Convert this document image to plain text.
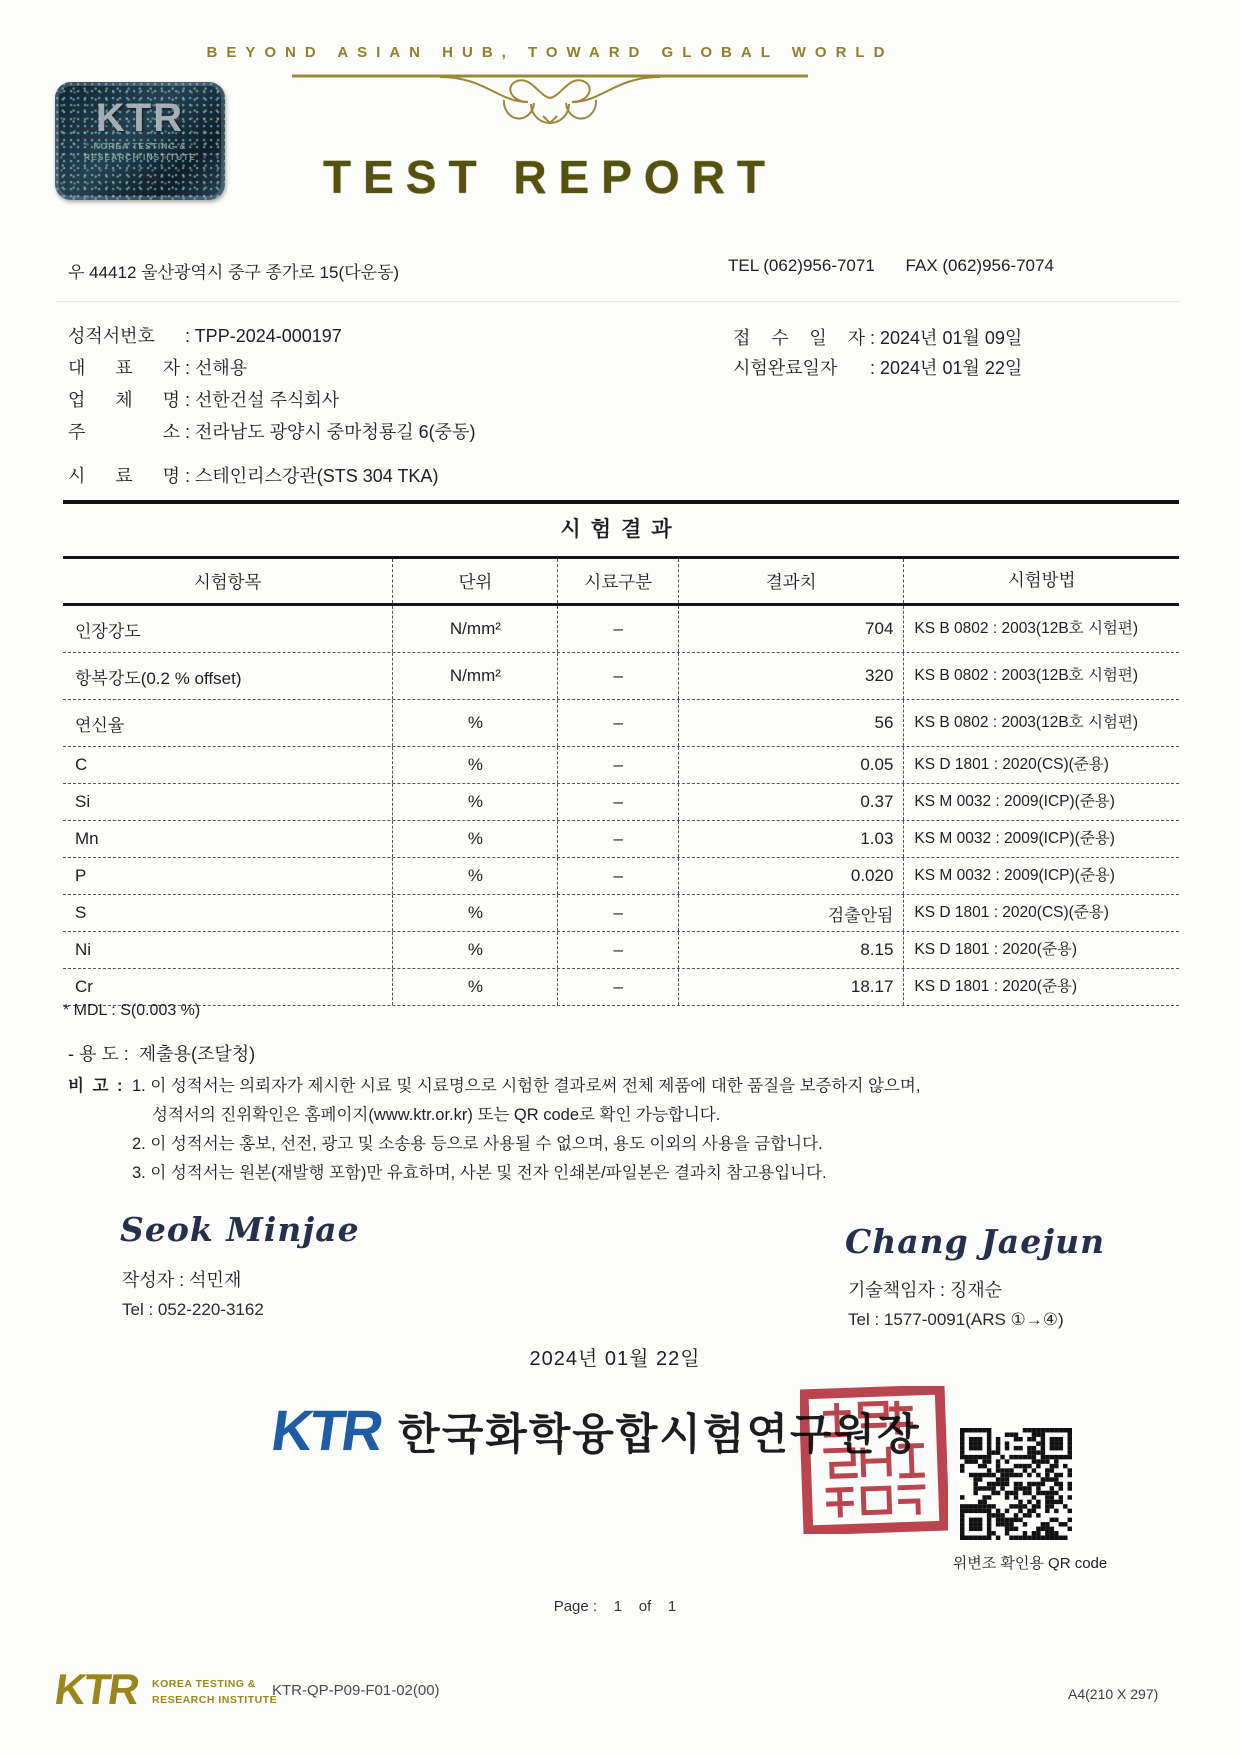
BEYOND ASIAN HUB, TOWARD GLOBAL WORLD
KTR
KOREA TESTING &
RESEARCH INSTITUTE	TEST REPORT
우 44412 울산광역시 중구 종가로 15(다운동)	TEL (062)956-7071 FAX (062)956-7074
성적서번호 : TPP-2024-000197
대 표 자 : 선해용
업 체 명 : 선한건설 주식회사
주 소 : 전라남도 광양시 중마청룡길 6(중동)
접 수 일 자 : 2024년 01월 09일
시험완료일자 : 2024년 01월 22일
시 료 명 : 스테인리스강관(STS 304 TKA)
시험결과
시험항목	단위	시료구분	결과치	시험방법
인장강도	N/mm²	–	704	KS B 0802 : 2003(12B호 시험편)
항복강도(0.2 % offset)	N/mm²	–	320	KS B 0802 : 2003(12B호 시험편)
연신율	%	–	56	KS B 0802 : 2003(12B호 시험편)
C	%	–	0.05	KS D 1801 : 2020(CS)(준용)
Si	%	–	0.37	KS M 0032 : 2009(ICP)(준용)
Mn	%	–	1.03	KS M 0032 : 2009(ICP)(준용)
P	%	–	0.020	KS M 0032 : 2009(ICP)(준용)
S	%	–	검출안됨	KS D 1801 : 2020(CS)(준용)
Ni	%	–	8.15	KS D 1801 : 2020(준용)
Cr	%	–	18.17	KS D 1801 : 2020(준용)
* MDL : S(0.003 %)
- 용 도 : 제출용(조달청)
비 고 : 1. 이 성적서는 의뢰자가 제시한 시료 및 시료명으로 시험한 결과로써 전체 제품에 대한 품질을 보증하지 않으며,
성적서의 진위확인은 홈페이지(www.ktr.or.kr) 또는 QR code로 확인 가능합니다.
2. 이 성적서는 홍보, 선전, 광고 및 소송용 등으로 사용될 수 없으며, 용도 이외의 사용을 금합니다.
3. 이 성적서는 원본(재발행 포함)만 유효하며, 사본 및 전자 인쇄본/파일본은 결과치 참고용입니다.
Seok Minjae
작성자 : 석민재
Tel : 052-220-3162
Chang Jaejun
기술책임자 : 징재순
Tel : 1577-0091(ARS ①→④)
2024년 01월 22일
KTR 한국화학융합시험연구원장
위변조 확인용 QR code
Page :    1    of    1
KTR KOREA TESTING &
RESEARCH INSTITUTE
KTR-QP-P09-F01-02(00)	A4(210 X 297)
